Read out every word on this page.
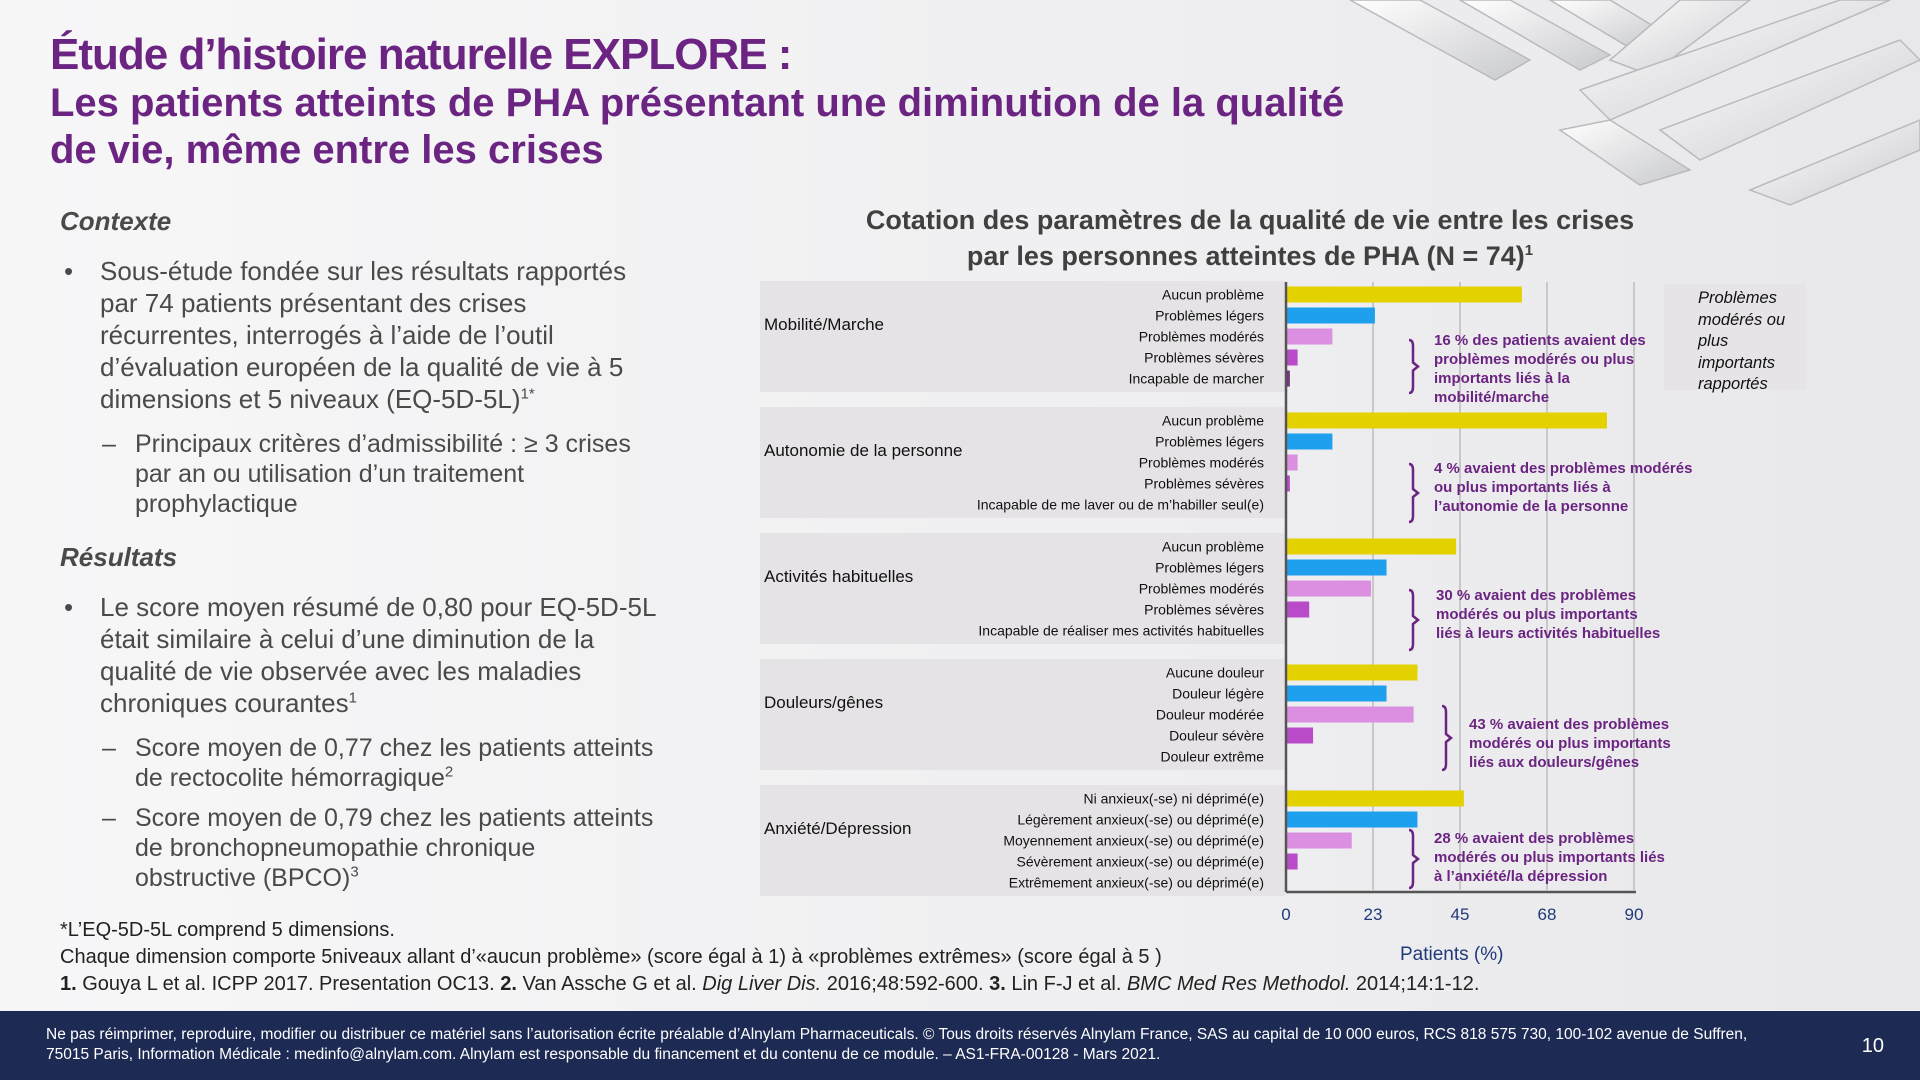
Étude d’histoire naturelle EXPLORE :
Les patients atteints de PHA présentant une diminution de la qualité de vie, même entre les crises
Contexte
• Sous-étude fondée sur les résultats rapportés par 74 patients présentant des crises récurrentes, interrogés à l’aide de l’outil d’évaluation européen de la qualité de vie à 5 dimensions et 5 niveaux $(EQ-5D-5L)^{1*}$
– Principaux critères d’admissibilité : ≥ 3 crises par an ou utilisation d’un traitement prophylactique
Résultats
• Le score moyen résumé de 0,80 pour EQ-5D-5L était similaire à celui d’une diminution de la qualité de vie observée avec les maladies chroniques courantes$^1$
– Score moyen de 0,77 chez les patients atteints de rectocolite hémorragique$^2$
– Score moyen de 0,79 chez les patients atteints de bronchopneumopathie chronique obstructive (BPCO)$^3$
Cotation des paramètres de la qualité de vie entre les crises par les personnes atteintes de PHA (N = 74)$^1$
Mobilité/Marche
Aucun problème
Problèmes légers
Problèmes modérés
Problèmes sévères
Incapable de marcher
Autonomie de la personne
Aucun problème
Problèmes légers
Problèmes modérés
Problèmes sévères
Incapable de me laver ou de m’habiller seul(e)
Activités habituelles
Aucun problème
Problèmes légers
Problèmes modérés
Problèmes sévères
Incapable de réaliser mes activités habituelles
Douleurs/gênes
Aucune douleur
Douleur légère
Douleur modérée
Douleur sévère
Douleur extrême
Anxiété/Dépression
Ni anxieux(-se) ni déprimé(e)
Légèrement anxieux(-se) ou déprimé(e)
Moyennement anxieux(-se) ou déprimé(e)
Sévèrement anxieux(-se) ou déprimé(e)
Extrêmement anxieux(-se) ou déprimé(e)
0	23	45	68	90
Problèmes modérés ou plus importants rapportés
16 % des patients avaient des problèmes modérés ou plus importants liés à la mobilité/marche
4 % avaient des problèmes modérés ou plus importants liés à l’autonomie de la personne
30 % avaient des problèmes modérés ou plus importants liés à leurs activités habituelles
43 % avaient des problèmes modérés ou plus importants liés aux douleurs/gênes
28 % avaient des problèmes modérés ou plus importants liés à l’anxiété/la dépression
Patients (%)
*L’EQ-5D-5L comprend 5 dimensions.
Chaque dimension comporte 5niveaux allant d’«aucun problème» (score égal à 1) à «problèmes extrêmes» (score égal à 5 )
1. Gouya L et al. ICPP 2017. Presentation OC13. 2. Van Assche G et al. Dig Liver Dis. 2016;48:592-600. 3. Lin F-J et al. BMC Med Res Methodol. 2014;14:1-12.
Ne pas réimprimer, reproduire, modifier ou distribuer ce matériel sans l’autorisation écrite préalable d’Alnylam Pharmaceuticals. © Tous droits réservés Alnylam France, SAS au capital de 10 000 euros, RCS 818 575 730, 100-102 avenue de Suffren, 75015 Paris, Information Médicale : medinfo@alnylam.com. Alnylam est responsable du financement et du contenu de ce module. – AS1-FRA-00128 - Mars 2021.	10
